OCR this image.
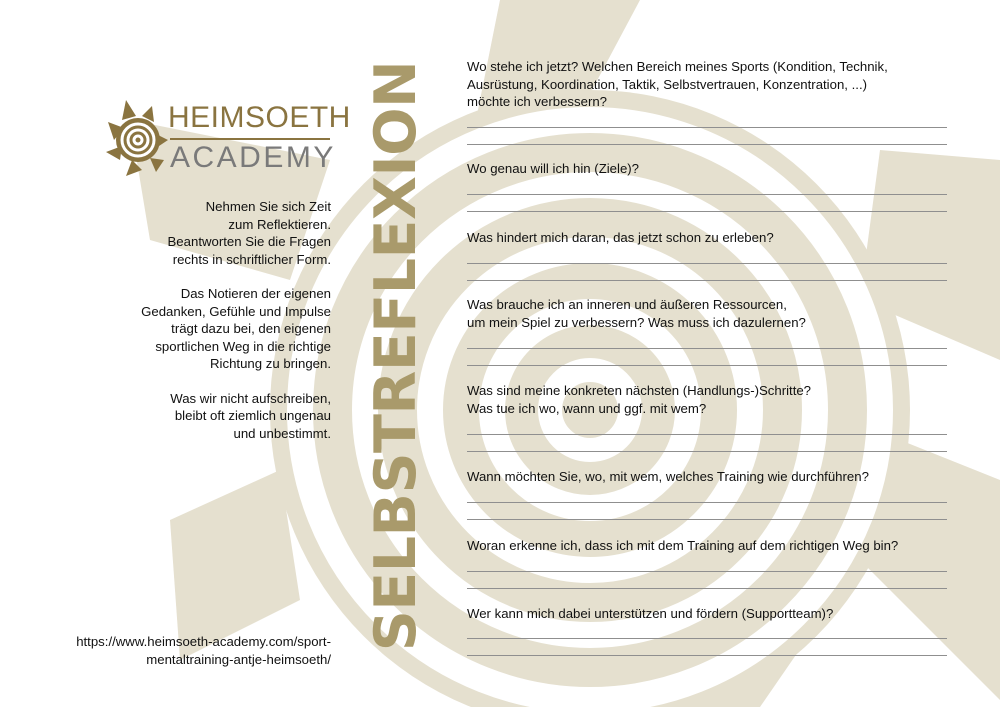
HEIMSOETH
ACADEMY

Nehmen Sie sich Zeit
zum Reflektieren.
Beantworten Sie die Fragen
rechts in schriftlicher Form.

Das Notieren der eigenen
Gedanken, Gefühle und Impulse
trägt dazu bei, den eigenen
sportlichen Weg in die richtige
Richtung zu bringen.

Was wir nicht aufschreiben,
bleibt oft ziemlich ungenau
und unbestimmt.

https://www.heimsoeth-academy.com/sport-
mentaltraining-antje-heimsoeth/
SELBSTREFLEXION	Wo stehe ich jetzt? Welchen Bereich meines Sports (Kondition, Technik,
Ausrüstung, Koordination, Taktik, Selbstvertrauen, Konzentration, ...)
möchte ich verbessern?
Wo genau will ich hin (Ziele)?
Was hindert mich daran, das jetzt schon zu erleben?
Was brauche ich an inneren und äußeren Ressourcen,
um mein Spiel zu verbessern? Was muss ich dazulernen?
Was sind meine konkreten nächsten (Handlungs-)Schritte?
Was tue ich wo, wann und ggf. mit wem?
Wann möchten Sie, wo, mit wem, welches Training wie durchführen?
Woran erkenne ich, dass ich mit dem Training auf dem richtigen Weg bin?
Wer kann mich dabei unterstützen und fördern (Supportteam)?
